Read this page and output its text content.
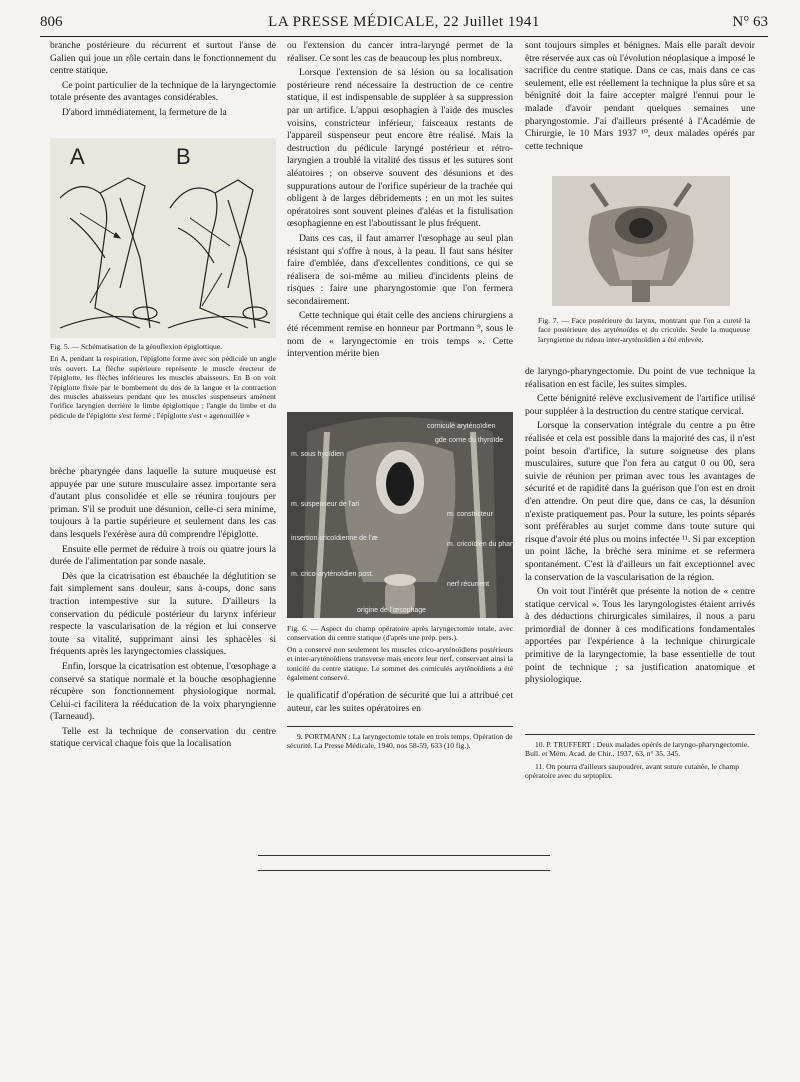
806	LA PRESSE MÉDICALE, 22 Juillet 1941	N° 63

branche postérieure du récurrent et surtout l'anse de Galien qui joue un rôle certain dans le fonctionnement du centre statique.

Ce point particulier de la technique de la laryngectomie totale présente des avantages considérables.

D'abord immédiatement, la fermeture de la

A	B

Fig. 5. — Schématisation de la génuflexion épiglottique.

En A, pendant la respiration, l'épiglotte forme avec son pédicule un angle très ouvert. La flèche supérieure représente le muscle érecteur de l'épiglotte, les flèches inférieures les muscles abaisseurs. En B on voit l'épiglotte fixée par le bombement du dos de la langue et la contraction des muscles abaisseurs pendant que les muscles suspenseurs amènent l'orifice laryngien derrière le limbe épiglottique ; l'angle du limbe et du pédicule de l'épiglotte s'est fermé ; l'épiglotte s'est « agenouillée »

brèche pharyngée dans laquelle la suture muqueuse est appuyée par une suture musculaire assez importante sera d'autant plus consolidée et elle se réunira toujours per priman. S'il se produit une désunion, celle-ci sera minime, toujours à la partie supérieure et seulement dans les cas dans lesquels l'exérèse aura dû comprendre l'épiglotte.

Ensuite elle permet de réduire à trois ou quatre jours la durée de l'alimentation par sonde nasale.

Dès que la cicatrisation est ébauchée la déglutition se fait simplement sans douleur, sans à-coups, donc sans traction intempestive sur la suture. D'ailleurs la conservation du pédicule postérieur du larynx inférieur respecte la vascularisation de la région et lui conserve toute sa vitalité, supprimant ainsi les sphacèles si fréquents après les laryngectomies classiques.

Enfin, lorsque la cicatrisation est obtenue, l'œsophage a conservé sa statique normale et la bouche œsophagienne récupère son fonctionnement physiologique normal. Celui-ci facilitera la rééducation de la voix pharyngienne (Tarneaud).

Telle est la technique de conservation du centre statique cervical chaque fois que la localisation

ou l'extension du cancer intra-laryngé permet de la réaliser. Ce sont les cas de beaucoup les plus nombreux.

Lorsque l'extension de sa lésion ou sa localisation postérieure rend nécessaire la destruction de ce centre statique, il est indispensable de suppléer à sa suppression par un artifice. L'appui œsophagien à l'aide des muscles voisins, constricteur inférieur, faisceaux restants de l'appareil suspenseur peut encore être réalisé. Mais la destruction du pédicule laryngé postérieur et rétro-laryngien a troublé la vitalité des tissus et les sutures sont aléatoires ; on observe souvent des désunions et des suppurations autour de l'orifice supérieur de la trachée qui obligent à de larges débridements ; en un mot les suites opératoires sont souvent pleines d'aléas et la fistulisation œsophagienne en est l'aboutissant le plus fréquent.

Dans ces cas, il faut amarrer l'œsophage au seul plan résistant qui s'offre à nous, à la peau. Il faut sans hésiter faire d'emblée, dans d'excellentes conditions, ce qui se réalisera de soi-même au milieu d'incidents pleins de risques : faire une pharyngostomie que l'on fermera secondairement.

Cette technique qui était celle des anciens chirurgiens a été récemment remise en honneur par Portmann ⁹, sous le nom de « laryngectomie en trois temps ». Cette intervention mérite bien

corniculé aryténoïdien
gde corne du thyroïde
m. sous hyoïdien
m. suspenseur de l'ari
m. constricteur
insertion cricoïdienne de l'æ
m. cricoïdien du pharynx
m. crico-aryténoïdien post.
nerf récurrent
origine de l'œsophage

Fig. 6. — Aspect du champ opératoire après laryngectomie totale, avec conservation du centre statique (d'après une prép. pers.).

On a conservé non seulement les muscles crico-aryténoïdiens postérieurs et inter-aryténoïdiens transverse mais encore leur nerf, conservant ainsi la tonicité du centre statique. Le sommet des corniculés aryténoïdiens a été également conservé.

le qualificatif d'opération de sécurité que lui a attribué cet auteur, car les suites opératoires en

9. PORTMANN : La laryngectomie totale en trois temps. Opération de sécurité. La Presse Médicale, 1940, nos 58-59, 633 (10 fig.).

sont toujours simples et bénignes. Mais elle paraît devoir être réservée aux cas où l'évolution néoplasique a imposé le sacrifice du centre statique. Dans ce cas, mais dans ce cas seulement, elle est réellement la technique la plus sûre et sa bénignité doit la faire accepter malgré l'ennui pour le malade d'avoir pendant quelques semaines une pharyngostomie. J'ai d'ailleurs présenté à l'Académie de Chirurgie, le 10 Mars 1937 ¹⁰, deux malades opérés par cette technique

Fig. 7. — Face postérieure du larynx, montrant que l'on a cureté la face postérieure des aryténoïdes et du cricoïde. Seule la muqueuse laryngienne du rideau inter-aryténoïdien a été enlevée.

de laryngo-pharyngectomie. Du point de vue technique la réalisation en est facile, les suites simples.

Cette bénignité relève exclusivement de l'artifice utilisé pour suppléer à la destruction du centre statique cervical.

Lorsque la conservation intégrale du centre a pu être réalisée et cela est possible dans la majorité des cas, il n'est point besoin d'artifice, la suture soigneuse des plans musculaires, suture que l'on fera au catgut 0 ou 00, sera suivie de réunion per priman avec tous les avantages de sécurité et de rapidité dans la guérison que l'on est en droit d'en attendre. On peut dire que, dans ce cas, la désunion n'existe pratiquement pas. Pour la suture, les points séparés sont préférables au surjet comme dans toute suture qui risque d'avoir été plus ou moins infectée ¹¹. Si par exception un point lâche, la brèche sera minime et se refermera spontanément. C'est là d'ailleurs un fait exceptionnel avec la conservation de la vascularisation de la région.

On voit tout l'intérêt que présente la notion de « centre statique cervical ». Tous les laryngologistes étaient arrivés à des déductions chirurgicales similaires, il nous a paru primordial de donner à ces modifications fondamentales apportées par l'expérience à la technique chirurgicale primitive de la laryngectomie, la base essentielle de tout point de technique ; sa justification anatomique et physiologique.

10. P. TRUFFERT : Deux malades opérés de laryngo-pharyngectomie. Bull. et Mém. Acad. de Chir., 1937, 63, n° 35, 345.

11. On pourra d'ailleurs saupoudrer, avant suture cutanée, le champ opératoire avec du septoplix.
